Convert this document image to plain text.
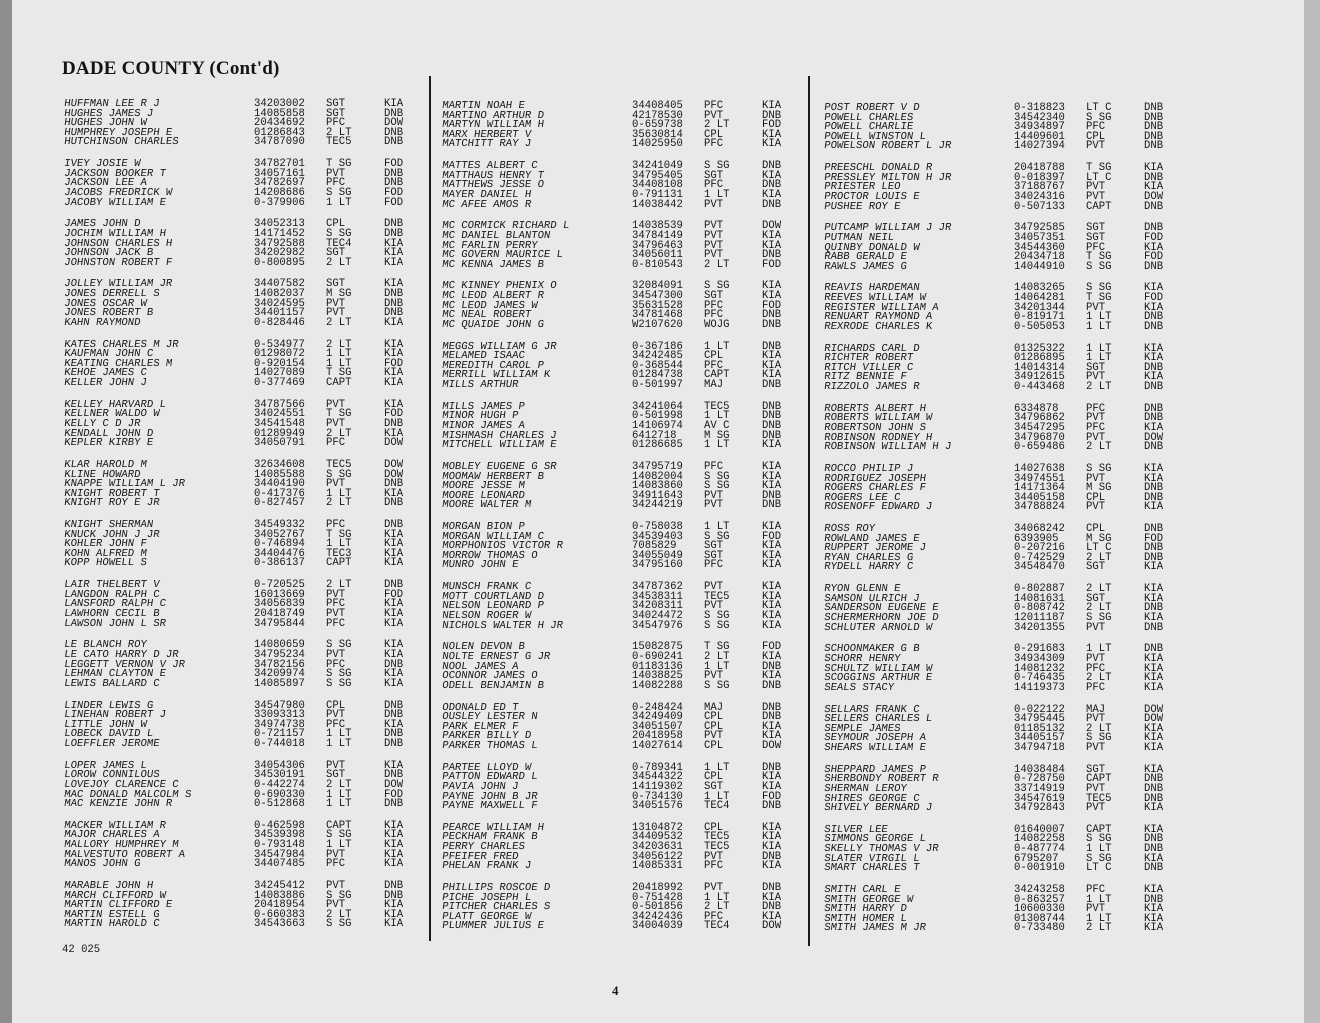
DADE COUNTY (Cont'd)
HUFFMAN LEE R J	34203002 SGT	KIA
HUGHES JAMES J	14085858 SGT	DNB
HUGHES JOHN W	20434692 PFC	DOW
HUMPHREY JOSEPH E	01286843 2 LT	DNB
HUTCHINSON CHARLES	34787090 TEC5	DNB
IVEY JOSIE W	34782701 T SG	FOD
JACKSON BOOKER T	34057161 PVT	DNB
JACKSON LEE A	34782697 PFC	DNB
JACOBS FREDRICK W	14208686 S SG	FOD
JACOBY WILLIAM E	0-379906 1 LT	FOD
JAMES JOHN D	34052313 CPL	DNB
JOCHIM WILLIAM H	14171452 S SG	DNB
JOHNSON CHARLES H	34792588 TEC4	KIA
JOHNSON JACK B	34202982 SGT	KIA
JOHNSTON ROBERT F	0-800895 2 LT	KIA
JOLLEY WILLIAM JR	34407582 SGT	KIA
JONES DERRELL S	14082037 M SG	DNB
JONES OSCAR W	34024595 PVT	DNB
JONES ROBERT B	34401157 PVT	DNB
KAHN RAYMOND	0-828446 2 LT	KIA
KATES CHARLES M JR	0-534977 2 LT	KIA
KAUFMAN JOHN C	01298072 1 LT	KIA
KEATING CHARLES M	0-920154 1 LT	FOD
KEHOE JAMES C	14027089 T SG	KIA
KELLER JOHN J	0-377469 CAPT	KIA
KELLEY HARVARD L	34787566 PVT	KIA
KELLNER WALDO W	34024551 T SG	FOD
KELLY C D JR	34541548 PVT	DNB
KENDALL JOHN D	01289949 2 LT	KIA
KEPLER KIRBY E	34050791 PFC	DOW
KLAR HAROLD M	32634608 TEC5	DOW
KLINE HOWARD	14085588 S SG	DOW
KNAPPE WILLIAM L JR	34404190 PVT	DNB
KNIGHT ROBERT T	0-417376 1 LT	KIA
KNIGHT ROY E JR	0-827457 2 LT	DNB
KNIGHT SHERMAN	34549332 PFC	DNB
KNUCK JOHN J JR	34052767 T SG	KIA
KOHLER JOHN F	0-746894 1 LT	KIA
KOHN ALFRED M	34404476 TEC3	KIA
KOPP HOWELL S	0-386137 CAPT	KIA
LAIR THELBERT V	0-720525 2 LT	DNB
LANGDON RALPH C	16013669 PVT	FOD
LANSFORD RALPH C	34056839 PFC	KIA
LAWHORN CECIL B	20418749 PVT	KIA
LAWSON JOHN L SR	34795844 PFC	KIA
LE BLANCH ROY	14080659 S SG	KIA
LE CATO HARRY D JR	34795234 PVT	KIA
LEGGETT VERNON V JR	34782156 PFC	DNB
LEHMAN CLAYTON E	34209974 S SG	KIA
LEWIS BALLARD C	14085897 S SG	KIA
LINDER LEWIS G	34547980 CPL	DNB
LINEHAN ROBERT J	33093313 PVT	DNB
LITTLE JOHN W	34974738 PFC	KIA
LOBECK DAVID L	0-721157 1 LT	DNB
LOEFFLER JEROME	0-744018 1 LT	DNB
LOPER JAMES L	34054306 PVT	KIA
LOROW CONNILOUS	34530191 SGT	DNB
LOVEJOY CLARENCE C	0-442274 2 LT	DOW
MAC DONALD MALCOLM S	0-690330 1 LT	FOD
MAC KENZIE JOHN R	0-512868 1 LT	DNB
MACKER WILLIAM R	0-462598 CAPT	KIA
MAJOR CHARLES A	34539398 S SG	KIA
MALLORY HUMPHREY M	0-793148 1 LT	KIA
MALVESTUTO ROBERT A	34547984 PVT	KIA
MANOS JOHN G	34407485 PFC	KIA
MARABLE JOHN H	34245412 PVT	DNB
MARCH CLIFFORD W	14083886 S SG	DNB
MARTIN CLIFFORD E	20418954 PVT	KIA
MARTIN ESTELL G	0-660383 2 LT	KIA
MARTIN HAROLD C	34543663 S SG	KIA
MARTIN NOAH E	34408405 PFC	KIA
MARTINO ARTHUR D	42178530 PVT	DNB
MARTYN WILLIAM H	0-659738 2 LT	FOD
MARX HERBERT V	35630814 CPL	KIA
MATCHITT RAY J	14025950 PFC	KIA
MATTES ALBERT C	34241049 S SG	DNB
MATTHAUS HENRY T	34795405 SGT	KIA
MATTHEWS JESSE O	34408108 PFC	DNB
MAYER DANIEL H	0-791131 1 LT	KIA
MC AFEE AMOS R	14038442 PVT	DNB
MC CORMICK RICHARD L	14038539 PVT	DOW
MC DANIEL BLANTON	34784149 PVT	KIA
MC FARLIN PERRY	34796463 PVT	KIA
MC GOVERN MAURICE L	34056011 PVT	DNB
MC KENNA JAMES B	0-810543 2 LT	FOD
MC KINNEY PHENIX O	32084091 S SG	KIA
MC LEOD ALBERT R	34547300 SGT	KIA
MC LEOD JAMES W	35631528 PFC	FOD
MC NEAL ROBERT	34781468 PFC	DNB
MC QUAIDE JOHN G	W2107620 WOJG	DNB
MEGGS WILLIAM G JR	0-367186 1 LT	DNB
MELAMED ISAAC	34242485 CPL	KIA
MEREDITH CAROL P	0-368544 PFC	KIA
MERRILL WILLIAM K	01284738 CAPT	KIA
MILLS ARTHUR	0-501997 MAJ	DNB
MILLS JAMES P	34241064 TEC5	DNB
MINOR HUGH P	0-501998 1 LT	DNB
MINOR JAMES A	14106974 AV C	DNB
MISHMASH CHARLES J	6412718	M SG	DNB
MITCHELL WILLIAM E	01286685 1 LT	KIA
MOBLEY EUGENE G SR	34795719 PFC	KIA
MOOMAW HERBERT B	14082004 S SG	KIA
MOORE JESSE M	14083860 S SG	KIA
MOORE LEONARD	34911643 PVT	DNB
MOORE WALTER M	34244219 PVT	DNB
MORGAN BION P	0-758038 1 LT	KIA
MORGAN WILLIAM C	34539403 S SG	FOD
MORPHONIOS VICTOR R	7085829	SGT	KIA
MORROW THOMAS O	34055049 SGT	KIA
MUNRO JOHN E	34795160 PFC	KIA
MUNSCH FRANK C	34787362 PVT	KIA
MOTT COURTLAND D	34538311 TEC5	KIA
NELSON LEONARD P	34208311 PVT	KIA
NELSON ROGER W	34024472 S SG	KIA
NICHOLS WALTER H JR	34547976 S SG	KIA
NOLEN DEVON B	15082875 T SG	FOD
NOLTE ERNEST G JR	0-690241 2 LT	KIA
NOOL JAMES A	01183136 1 LT	DNB
OCONNOR JAMES O	14038825 PVT	KIA
ODELL BENJAMIN B	14082288 S SG	DNB
ODONALD ED T	0-248424 MAJ	DNB
OUSLEY LESTER N	34249409 CPL	DNB
PARK ELMER F	34051507 CPL	KIA
PARKER BILLY D	20418958 PVT	KIA
PARKER THOMAS L	14027614 CPL	DOW
PARTEE LLOYD W	0-789341 1 LT	DNB
PATTON EDWARD L	34544322 CPL	KIA
PAVIA JOHN J	14119302 SGT	KIA
PAYNE JOHN B JR	0-734130 1 LT	FOD
PAYNE MAXWELL F	34051576 TEC4	DNB
PEARCE WILLIAM H	13104872 CPL	KIA
PECKHAM FRANK B	34409532 TEC5	KIA
PERRY CHARLES	34203631 TEC5	KIA
PFEIFER FRED	34056122 PVT	DNB
PHELAN FRANK J	14085331 PFC	KIA
PHILLIPS ROSCOE D	20418992 PVT	DNB
PICHE JOSEPH L	0-751428 1 LT	KIA
PITCHER CHARLES S	0-501856 2 LT	DNB
PLATT GEORGE W	34242436 PFC	KIA
PLUMMER JULIUS E	34004039 TEC4	DOW
POST ROBERT V D	0-318823 LT C	DNB
POWELL CHARLES	34542340 S SG	DNB
POWELL CHARLIE	34934897 PFC	DNB
POWELL WINSTON L	14409601 CPL	DNB
POWELSON ROBERT L JR	14027394 PVT	DNB
PREESCHL DONALD R	20418788 T SG	KIA
PRESSLEY MILTON H JR	0-018397 LT C	DNB
PRIESTER LEO	37188767 PVT	KIA
PROCTOR LOUIS E	34024316 PVT	DOW
PUSHEE ROY E	0-507133 CAPT	DNB
PUTCAMP WILLIAM J JR	34792585 SGT	DNB
PUTMAN NEIL	34057351 SGT	FOD
QUINBY DONALD W	34544360 PFC	KIA
RABB GERALD E	20434718 T SG	FOD
RAWLS JAMES G	14044910 S SG	DNB
REAVIS HARDEMAN	14083265 S SG	KIA
REEVES WILLIAM W	14064281 T SG	FOD
REGISTER WILLIAM A	34201344 PVT	KIA
RENUART RAYMOND A	0-819171 1 LT	DNB
REXRODE CHARLES K	0-505053 1 LT	DNB
RICHARDS CARL D	01325322 1 LT	KIA
RICHTER ROBERT	01286895 1 LT	KIA
RITCH VILLER C	14014314 SGT	DNB
RITZ BENNIE F	34912615 PVT	KIA
RIZZOLO JAMES R	0-443468 2 LT	DNB
ROBERTS ALBERT H	6334878	PFC	DNB
ROBERTS WILLIAM W	34796862 PVT	DNB
ROBERTSON JOHN S	34547295 PFC	KIA
ROBINSON RODNEY H	34796870 PVT	DOW
ROBINSON WILLIAM H J	0-659486 2 LT	DNB
ROCCO PHILIP J	14027638 S SG	KIA
RODRIGUEZ JOSEPH	34974551 PVT	KIA
ROGERS CHARLES F	14171364 M SG	DNB
ROGERS LEE C	34405158 CPL	DNB
ROSENOFF EDWARD J	34788824 PVT	KIA
ROSS ROY	34068242 CPL	DNB
ROWLAND JAMES E	6393905	M SG	FOD
RUPPERT JEROME J	0-207216 LT C	DNB
RYAN CHARLES G	0-742529 2 LT	DNB
RYDELL HARRY C	34548470 SGT	KIA
RYON GLENN E	0-802887 2 LT	KIA
SAMSON ULRICH J	14081631 SGT	KIA
SANDERSON EUGENE E	0-808742 2 LT	DNB
SCHERMERHORN JOE D	12011187 S SG	KIA
SCHLUTER ARNOLD W	34201355 PVT	DNB
SCHOONMAKER G B	0-291683 1 LT	DNB
SCHORR HENRY	34934309 PVT	KIA
SCHULTZ WILLIAM W	14081232 PFC	KIA
SCOGGINS ARTHUR E	0-746435 2 LT	KIA
SEALS STACY	14119373 PFC	KIA
SELLARS FRANK C	0-022122 MAJ	DOW
SELLERS CHARLES L	34795445 PVT	DOW
SEMPLE JAMES	01185132 2 LT	KIA
SEYMOUR JOSEPH A	34405157 S SG	KIA
SHEARS WILLIAM E	34794718 PVT	KIA
SHEPPARD JAMES P	14038484 SGT	KIA
SHERBONDY ROBERT R	0-728750 CAPT	DNB
SHERMAN LEROY	33714919 PVT	DNB
SHIRES GEORGE C	34547619 TEC5	DNB
SHIVELY BERNARD J	34792843 PVT	KIA
SILVER LEE	01640007 CAPT	KIA
SIMMONS GEORGE L	14082258 S SG	DNB
SKELLY THOMAS V JR	0-487774 1 LT	DNB
SLATER VIRGIL L	6795207	S SG	KIA
SMART CHARLES T	0-001910 LT C	DNB
SMITH CARL E	34243258 PFC	KIA
SMITH GEORGE W	0-863257 1 LT	DNB
SMITH HARRY D	10600330 PVT	KIA
SMITH HOMER L	01308744 1 LT	KIA
SMITH JAMES M JR	0-733480 2 LT	KIA
42 025
4
